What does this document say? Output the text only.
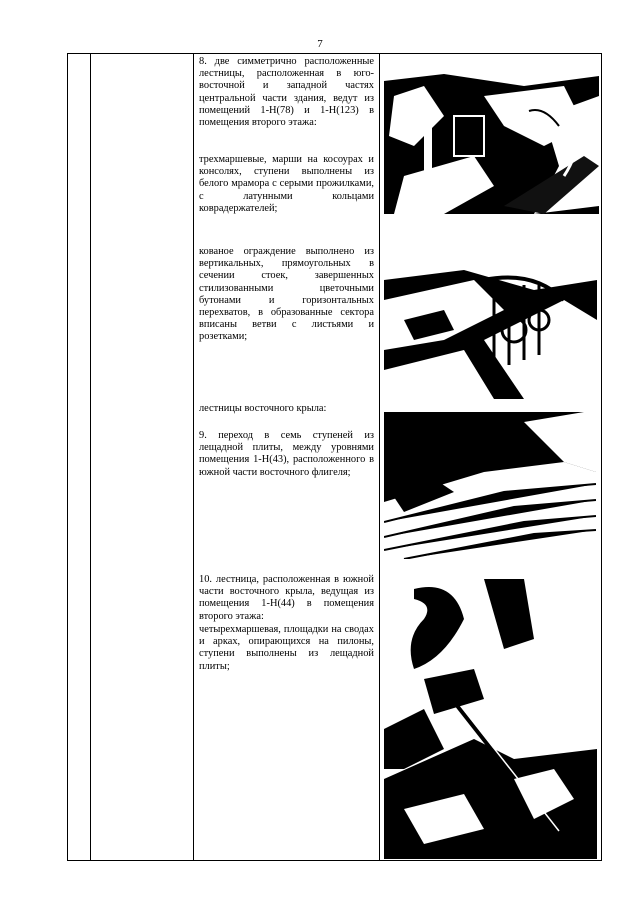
7
8. две симметрично расположенные лестницы, расположенная в юго-восточной и западной частях центральной части здания, ведут из помещений 1-Н(78) и 1-Н(123) в помещения второго этажа:
трехмаршевые, марши на косоурах и консолях, ступени выполнены из белого мрамора с серыми прожилками, с латунными кольцами коврадержателей;
кованое ограждение выполнено из вертикальных, прямоугольных в сечении стоек, завершенных стилизованными цветочными бутонами и горизонтальных перехватов, в образованные сектора вписаны ветви с листьями и розетками;
лестницы восточного крыла:
9. переход в семь ступеней из лещадной плиты, между уровнями помещения 1-Н(43), расположенного в южной части восточного флигеля;
10. лестница, расположенная в южной части восточного крыла, ведущая из помещения 1-Н(44) в помещения второго этажа:
четырехмаршевая, площадки на сводах и арках, опирающихся на пилоны, ступени выполнены из лещадной плиты;
